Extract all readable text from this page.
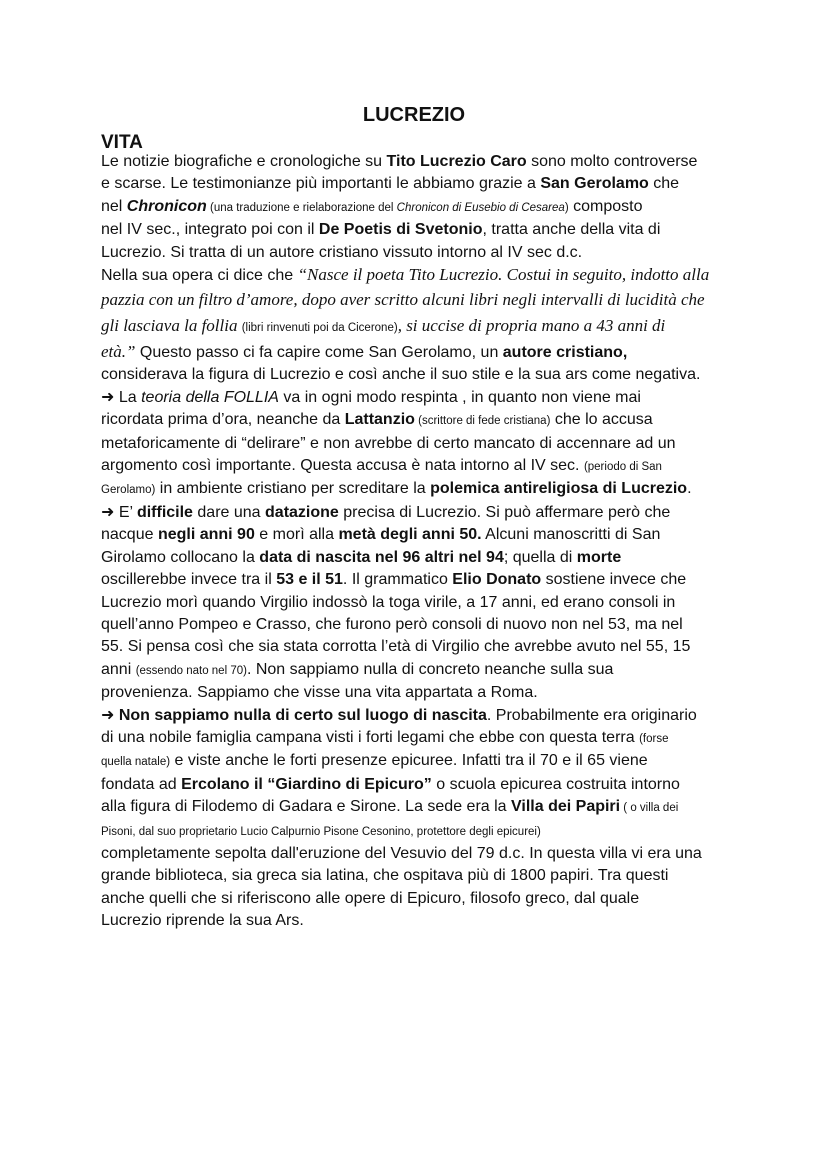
LUCREZIO
VITA
Le notizie biografiche e cronologiche su Tito Lucrezio Caro sono molto controverse
e scarse. Le testimonianze più importanti le abbiamo grazie a San Gerolamo che
nel Chronicon (una traduzione e rielaborazione del Chronicon di Eusebio di Cesarea) composto
nel IV sec., integrato poi con il De Poetis di Svetonio, tratta anche della vita di
Lucrezio. Si tratta di un autore cristiano vissuto intorno al IV sec d.c.
Nella sua opera ci dice che “Nasce il poeta Tito Lucrezio. Costui in seguito, indotto alla
pazzia con un filtro d’amore, dopo aver scritto alcuni libri negli intervalli di lucidità che
gli lasciava la follia (libri rinvenuti poi da Cicerone), si uccise di propria mano a 43 anni di
età.” Questo passo ci fa capire come San Gerolamo, un autore cristiano,
considerava la figura di Lucrezio e così anche il suo stile e la sua ars come negativa.
➜ La teoria della FOLLIA va in ogni modo respinta , in quanto non viene mai
ricordata prima d’ora, neanche da Lattanzio (scrittore di fede cristiana) che lo accusa
metaforicamente di “delirare” e non avrebbe di certo mancato di accennare ad un
argomento così importante. Questa accusa è nata intorno al IV sec. (periodo di San
Gerolamo) in ambiente cristiano per screditare la polemica antireligiosa di Lucrezio.
➜ E’ difficile dare una datazione precisa di Lucrezio. Si può affermare però che
nacque negli anni 90 e morì alla metà degli anni 50. Alcuni manoscritti di San
Girolamo collocano la data di nascita nel 96 altri nel 94; quella di morte
oscillerebbe invece tra il 53 e il 51. Il grammatico Elio Donato sostiene invece che
Lucrezio morì quando Virgilio indossò la toga virile, a 17 anni, ed erano consoli in
quell’anno Pompeo e Crasso, che furono però consoli di nuovo non nel 53, ma nel
55. Si pensa così che sia stata corrotta l’età di Virgilio che avrebbe avuto nel 55, 15
anni (essendo nato nel 70). Non sappiamo nulla di concreto neanche sulla sua
provenienza. Sappiamo che visse una vita appartata a Roma.
➜ Non sappiamo nulla di certo sul luogo di nascita. Probabilmente era originario
di una nobile famiglia campana visti i forti legami che ebbe con questa terra (forse
quella natale) e viste anche le forti presenze epicuree. Infatti tra il 70 e il 65 viene
fondata ad Ercolano il “Giardino di Epicuro” o scuola epicurea costruita intorno
alla figura di Filodemo di Gadara e Sirone. La sede era la Villa dei Papiri ( o villa dei
Pisoni, dal suo proprietario Lucio Calpurnio Pisone Cesonino, protettore degli epicurei)
completamente sepolta dall'eruzione del Vesuvio del 79 d.c. In questa villa vi era una
grande biblioteca, sia greca sia latina, che ospitava più di 1800 papiri. Tra questi
anche quelli che si riferiscono alle opere di Epicuro, filosofo greco, dal quale
Lucrezio riprende la sua Ars.
